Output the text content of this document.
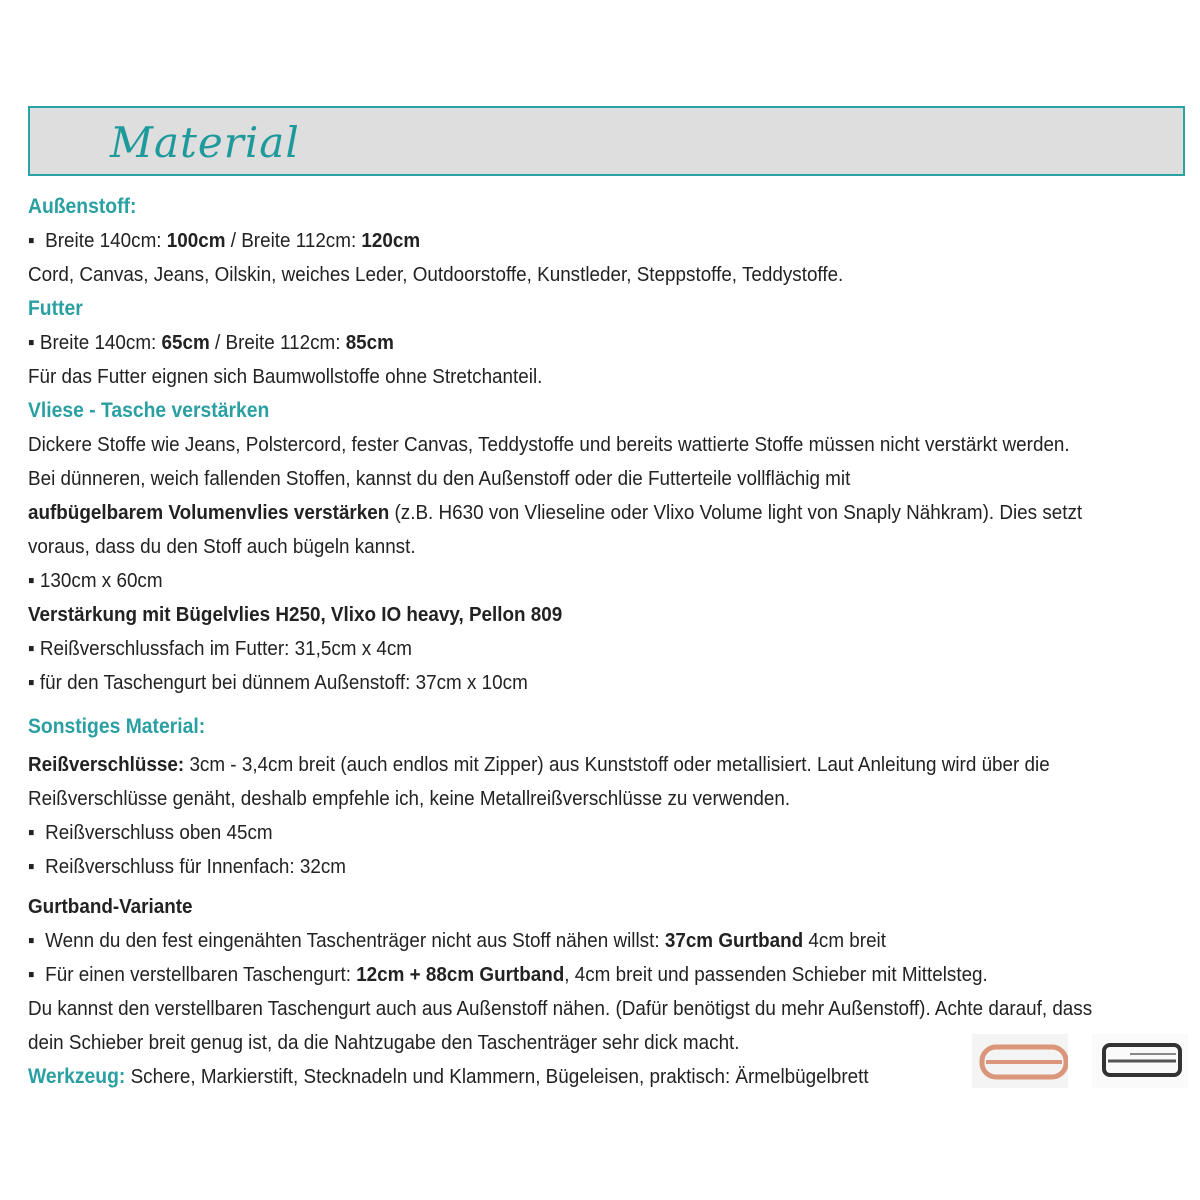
Material
Außenstoff:
▪  Breite 140cm: 100cm / Breite 112cm: 120cm
Cord, Canvas, Jeans, Oilskin, weiches Leder, Outdoorstoffe, Kunstleder, Steppstoffe, Teddystoffe.
Futter
▪ Breite 140cm: 65cm / Breite 112cm: 85cm
Für das Futter eignen sich Baumwollstoffe ohne Stretchanteil.
Vliese - Tasche verstärken
Dickere Stoffe wie Jeans, Polstercord, fester Canvas, Teddystoffe und bereits wattierte Stoffe müssen nicht verstärkt werden.
Bei dünneren, weich fallenden Stoffen, kannst du den Außenstoff oder die Futterteile vollflächig mit
aufbügelbarem Volumenvlies verstärken (z.B. H630 von Vlieseline oder Vlixo Volume light von Snaply Nähkram). Dies setzt
voraus, dass du den Stoff auch bügeln kannst.
▪ 130cm x 60cm
Verstärkung mit Bügelvlies H250, Vlixo IO heavy, Pellon 809
▪ Reißverschlussfach im Futter: 31,5cm x 4cm
▪ für den Taschengurt bei dünnem Außenstoff: 37cm x 10cm
Sonstiges Material:
Reißverschlüsse: 3cm - 3,4cm breit (auch endlos mit Zipper) aus Kunststoff oder metallisiert. Laut Anleitung wird über die
Reißverschlüsse genäht, deshalb empfehle ich, keine Metallreißverschlüsse zu verwenden.
▪  Reißverschluss oben 45cm
▪  Reißverschluss für Innenfach: 32cm
Gurtband-Variante
▪  Wenn du den fest eingenähten Taschenträger nicht aus Stoff nähen willst: 37cm Gurtband 4cm breit
▪  Für einen verstellbaren Taschengurt: 12cm + 88cm Gurtband, 4cm breit und passenden Schieber mit Mittelsteg.
Du kannst den verstellbaren Taschengurt auch aus Außenstoff nähen. (Dafür benötigst du mehr Außenstoff). Achte darauf, dass
dein Schieber breit genug ist, da die Nahtzugabe den Taschenträger sehr dick macht.
Werkzeug: Schere, Markierstift, Stecknadeln und Klammern, Bügeleisen, praktisch: Ärmelbügelbrett
